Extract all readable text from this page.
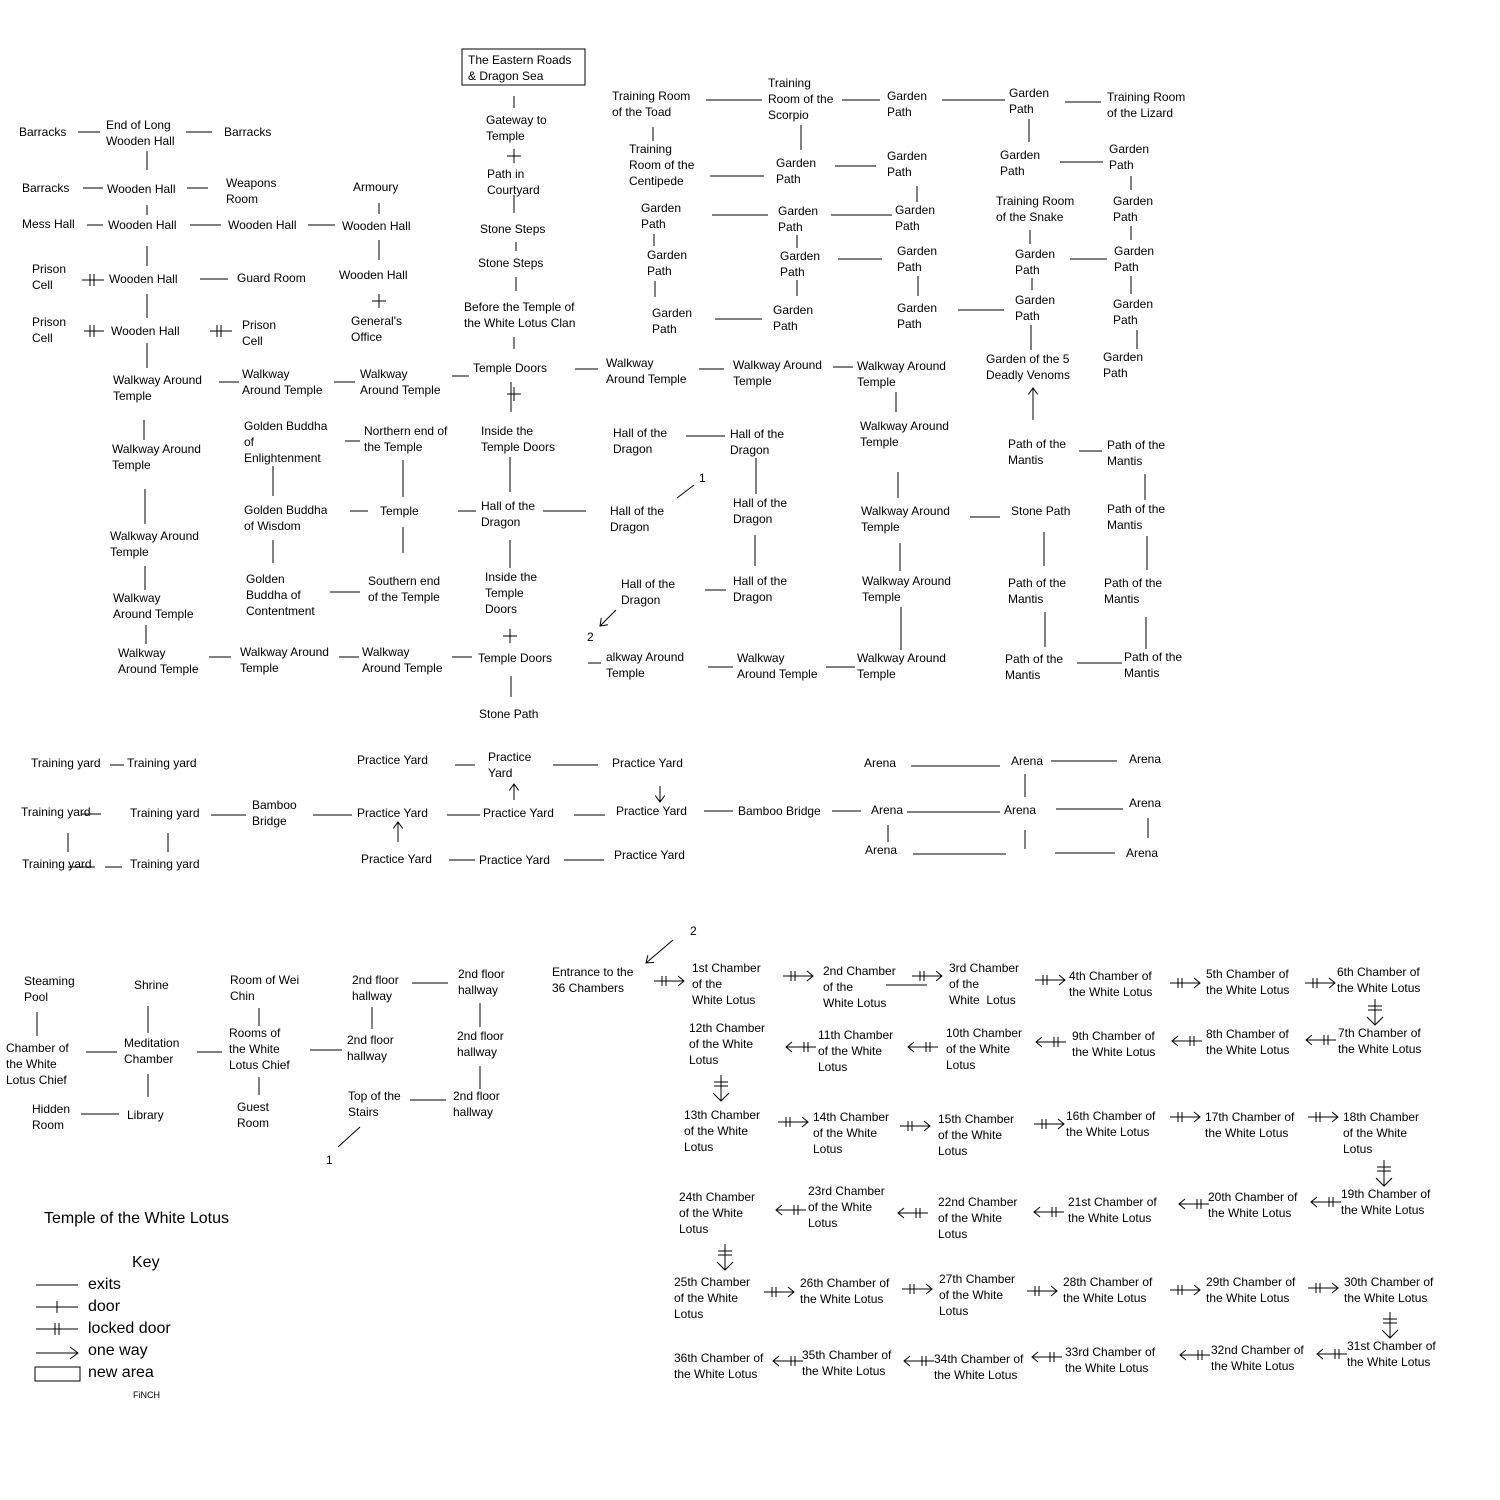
Temple of the White Lotus
Key
exits
door
locked door
one way
new area
FiNCH
1
1
2
2
The Eastern Roads
& Dragon Sea
Gateway to
Temple
Path in
Courtyard
Stone Steps
Stone Steps
Before the Temple of
the White Lotus Clan
Temple Doors
Inside the
Temple Doors
Hall of the
Dragon
Inside the
Temple
Doors
Temple Doors
Stone Path
Barracks	End of Long
Wooden Hall
Barracks
Barracks	Wooden Hall	Weapons
Room
Armoury
Mess Hall	Wooden Hall	Wooden Hall	Wooden Hall
Wooden Hall
Prison
Cell	Wooden Hall	Guard Room
General's
Office
Prison
Cell	Wooden Hall	Prison
Cell
Walkway Around
Temple
Walkway
Around Temple
Walkway
Around Temple
Walkway Around
Temple
Golden Buddha
of
Enlightenment
Northern end of
the Temple
Golden Buddha
of Wisdom
Temple
Walkway Around
Temple
Golden
Buddha of
Contentment
Southern end
of the Temple
Walkway
Around Temple
Walkway
Around Temple
Walkway Around
Temple
Walkway
Around Temple
Training Room
of the Toad
Training
Room of the
Scorpio
Garden
Path
Garden
Path
Training Room
of the Lizard
Training
Room of the
Centipede
Garden
Path
Garden
Path
Garden
Path
Garden
Path
Garden
Path
Garden
Path
Garden
Path
Training Room
of the Snake
Garden
Path
Garden
Path
Garden
Path
Garden
Path
Garden
Path
Garden
Path
Garden
Path
Garden
Path
Garden
Path
Garden
Path
Garden
Path
Garden of the 5
Deadly Venoms
Garden
Path
Walkway
Around Temple
Walkway Around
Temple
Walkway Around
Temple
Walkway Around
Temple
Hall of the
Dragon
Hall of the
Dragon
Hall of the
Dragon
Hall of the
Dragon
Walkway Around
Temple
Stone Path
Path of the
Mantis
Path of the
Mantis
Path of the
Mantis
Hall of the
Dragon
Hall of the
Dragon
Walkway Around
Temple
Path of the
Mantis
Path of the
Mantis
alkway Around
Temple
Walkway
Around Temple
Walkway Around
Temple
Path of the
Mantis
Path of the
Mantis
Training yard Training yard
Training yard	Training yard
Training yard	Training yard
Bamboo
Bridge
Practice Yard	Practice
Yard
Practice Yard
Practice Yard	Practice Yard	Practice Yard
Practice Yard	Practice Yard	Practice Yard
Bamboo Bridge
Arena	Arena	Arena
Arena	Arena	Arena
Arena	Arena
Steaming
Pool
Shrine
Chamber of
the White
Lotus Chief
Meditation
Chamber
Hidden
Room
Library
Room of Wei
Chin
Rooms of
the White
Lotus Chief
Guest
Room
2nd floor
hallway
2nd floor
hallway
2nd floor
hallway
2nd floor
hallway
Top of the
Stairs
2nd floor
hallway
Entrance to the
36 Chambers
1st Chamber
of the
White Lotus
2nd Chamber
of the
White Lotus
3rd Chamber
of the
White  Lotus
4th Chamber of
the White Lotus
5th Chamber of
the White Lotus
6th Chamber of
the White Lotus
12th Chamber
of the White
Lotus
11th Chamber
of the White
Lotus
10th Chamber
of the White
Lotus
9th Chamber of
the White Lotus
8th Chamber of
the White Lotus
7th Chamber of
the White Lotus
13th Chamber
of the White
Lotus
14th Chamber
of the White
Lotus
15th Chamber
of the White
Lotus
16th Chamber of
the White Lotus
17th Chamber of
the White Lotus
18th Chamber
of the White
Lotus
24th Chamber
of the White
Lotus
23rd Chamber
of the White
Lotus
22nd Chamber
of the White
Lotus
21st Chamber of
the White Lotus
20th Chamber of
the White Lotus
19th Chamber of
the White Lotus
25th Chamber
of the White
Lotus
26th Chamber of
the White Lotus
27th Chamber
of the White
Lotus
28th Chamber of
the White Lotus
29th Chamber of
the White Lotus
30th Chamber of
the White Lotus
36th Chamber of
the White Lotus
35th Chamber of
the White Lotus
34th Chamber of
the White Lotus
33rd Chamber of
the White Lotus
32nd Chamber of
the White Lotus
31st Chamber of
the White Lotus
